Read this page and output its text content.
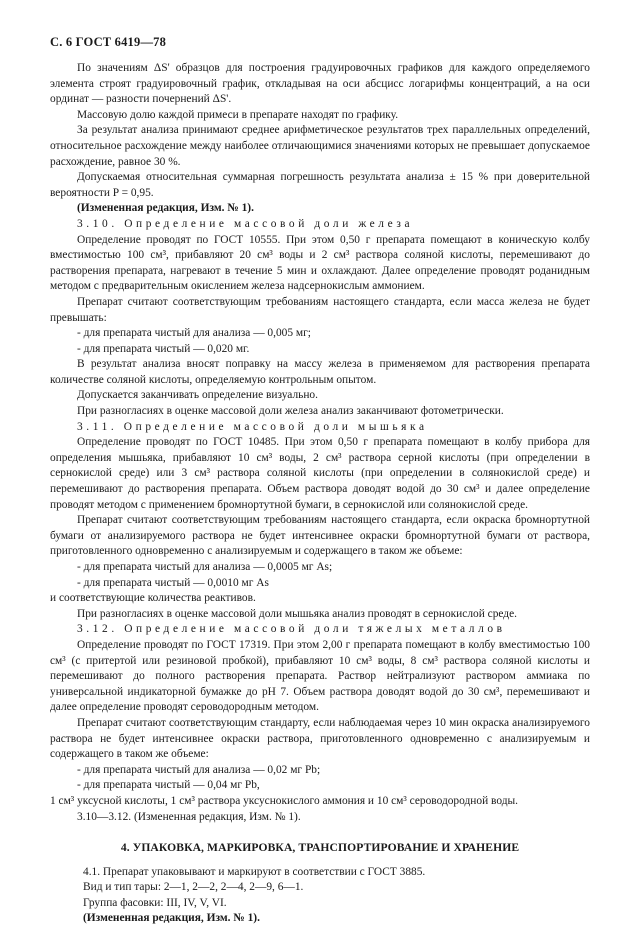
С. 6 ГОСТ 6419—78

По значениям ΔS' образцов для построения градуировочных графиков для каждого определяемого элемента строят градуировочный график, откладывая на оси абсцисс логарифмы концентраций, а на оси ординат — разности почернений ΔS'.

Массовую долю каждой примеси в препарате находят по графику.

За результат анализа принимают среднее арифметическое результатов трех параллельных определений, относительное расхождение между наиболее отличающимися значениями которых не превышает допускаемое расхождение, равное 30 %.

Допускаемая относительная суммарная погрешность результата анализа ± 15 % при доверительной вероятности P = 0,95.

(Измененная редакция, Изм. № 1).

3.10. Определение массовой доли железа

Определение проводят по ГОСТ 10555. При этом 0,50 г препарата помещают в коническую колбу вместимостью 100 см³, прибавляют 20 см³ воды и 2 см³ раствора соляной кислоты, перемешивают до растворения препарата, нагревают в течение 5 мин и охлаждают. Далее определение проводят роданидным методом с предварительным окислением железа надсернокислым аммонием.

Препарат считают соответствующим требованиям настоящего стандарта, если масса железа не будет превышать:

- для препарата чистый для анализа — 0,005 мг;

- для препарата чистый — 0,020 мг.

В результат анализа вносят поправку на массу железа в применяемом для растворения препарата количестве соляной кислоты, определяемую контрольным опытом.

Допускается заканчивать определение визуально.

При разногласиях в оценке массовой доли железа анализ заканчивают фотометрически.

3.11. Определение массовой доли мышьяка

Определение проводят по ГОСТ 10485. При этом 0,50 г препарата помещают в колбу прибора для определения мышьяка, прибавляют 10 см³ воды, 2 см³ раствора серной кислоты (при определении в сернокислой среде) или 3 см³ раствора соляной кислоты (при определении в солянокислой среде) и перемешивают до растворения препарата. Объем раствора доводят водой до 30 см³ и далее определение проводят методом с применением бромнортутной бумаги, в сернокислой или солянокислой среде.

Препарат считают соответствующим требованиям настоящего стандарта, если окраска бромнортутной бумаги от анализируемого раствора не будет интенсивнее окраски бромнортутной бумаги от раствора, приготовленного одновременно с анализируемым и содержащего в таком же объеме:

- для препарата чистый для анализа — 0,0005 мг As;

- для препарата чистый — 0,0010 мг As

и соответствующие количества реактивов.

При разногласиях в оценке массовой доли мышьяка анализ проводят в сернокислой среде.

3.12. Определение массовой доли тяжелых металлов

Определение проводят по ГОСТ 17319. При этом 2,00 г препарата помещают в колбу вместимостью 100 см³ (с притертой или резиновой пробкой), прибавляют 10 см³ воды, 8 см³ раствора соляной кислоты и перемешивают до полного растворения препарата. Раствор нейтрализуют раствором аммиака по универсальной индикаторной бумажке до pH 7. Объем раствора доводят водой до 30 см³, перемешивают и далее определение проводят сероводородным методом.

Препарат считают соответствующим стандарту, если наблюдаемая через 10 мин окраска анализируемого раствора не будет интенсивнее окраски раствора, приготовленного одновременно с анализируемым и содержащего в таком же объеме:

- для препарата чистый для анализа — 0,02 мг Pb;

- для препарата чистый — 0,04 мг Pb,

1 см³ уксусной кислоты, 1 см³ раствора уксуснокислого аммония и 10 см³ сероводородной воды.

3.10—3.12. (Измененная редакция, Изм. № 1).

4. УПАКОВКА, МАРКИРОВКА, ТРАНСПОРТИРОВАНИЕ И ХРАНЕНИЕ

4.1. Препарат упаковывают и маркируют в соответствии с ГОСТ 3885.

Вид и тип тары: 2—1, 2—2, 2—4, 2—9, 6—1.

Группа фасовки: III, IV, V, VI.

(Измененная редакция, Изм. № 1).
